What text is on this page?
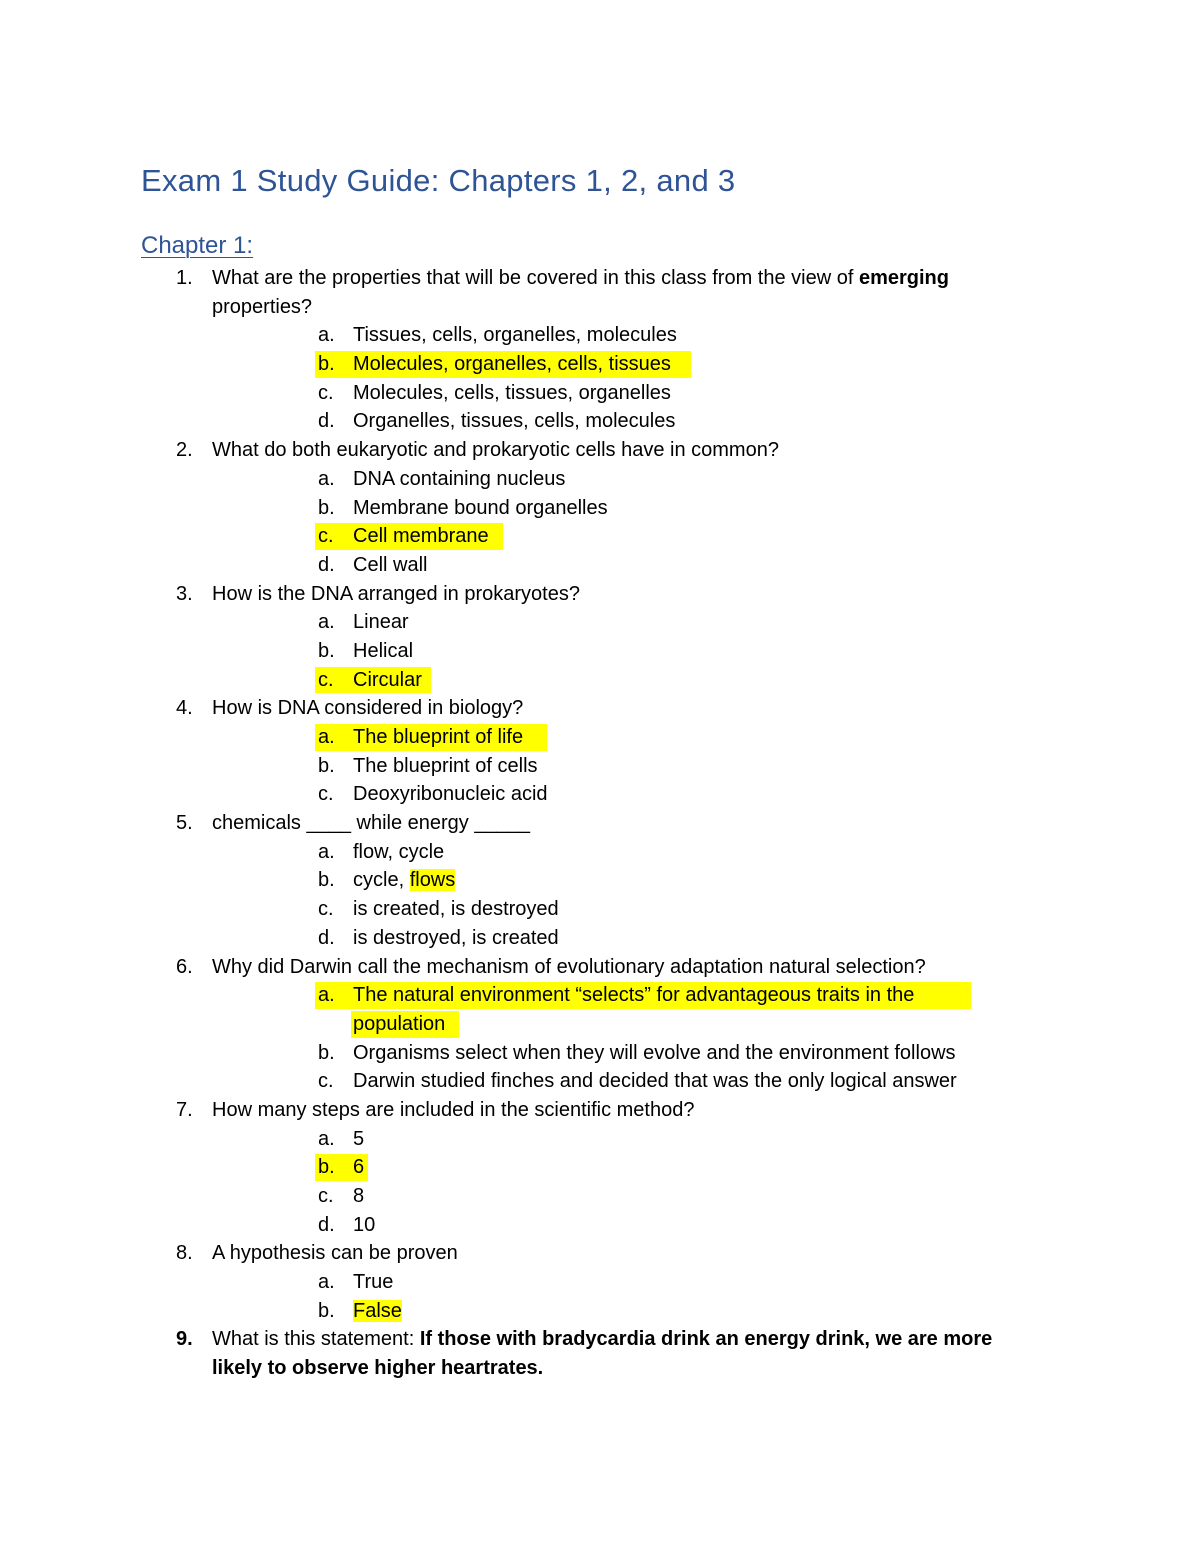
Exam 1 Study Guide: Chapters 1, 2, and 3
Chapter 1:
1. What are the properties that will be covered in this class from the view of emerging
properties?
a. Tissues, cells, organelles, molecules
b. Molecules, organelles, cells, tissues
c. Molecules, cells, tissues, organelles
d. Organelles, tissues, cells, molecules
2. What do both eukaryotic and prokaryotic cells have in common?
a. DNA containing nucleus
b. Membrane bound organelles
c. Cell membrane
d. Cell wall
3. How is the DNA arranged in prokaryotes?
a. Linear
b. Helical
c. Circular
4. How is DNA considered in biology?
a. The blueprint of life
b. The blueprint of cells
c. Deoxyribonucleic acid
5. chemicals ____ while energy _____
a. flow, cycle
b. cycle, flows
c. is created, is destroyed
d. is destroyed, is created
6. Why did Darwin call the mechanism of evolutionary adaptation natural selection?
a. The natural environment “selects” for advantageous traits in the
population
b. Organisms select when they will evolve and the environment follows
c. Darwin studied finches and decided that was the only logical answer
7. How many steps are included in the scientific method?
a. 5
b. 6
c. 8
d. 10
8. A hypothesis can be proven
a. True
b. False
9. What is this statement: If those with bradycardia drink an energy drink, we are more
likely to observe higher heartrates.
